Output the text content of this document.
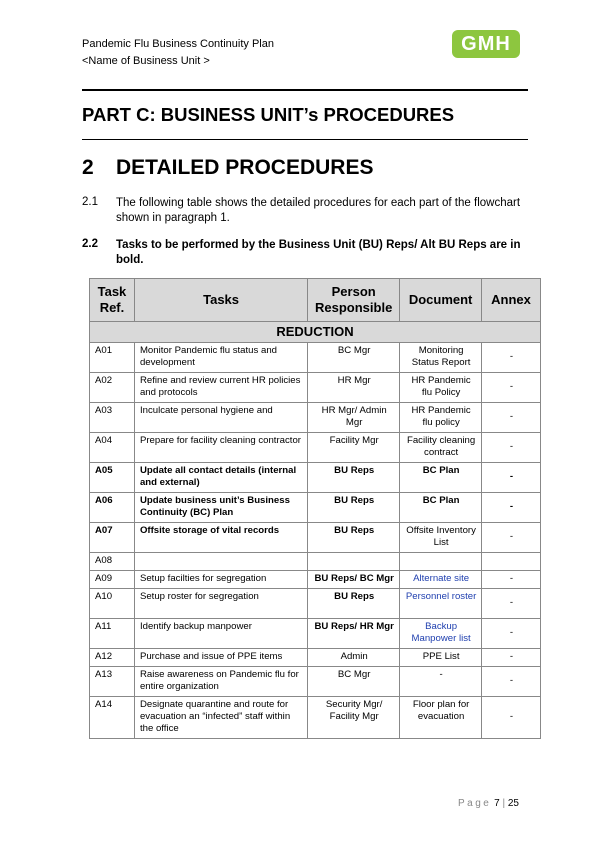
Pandemic Flu Business Continuity Plan
<Name of Business Unit >
GMH
PART C: BUSINESS UNIT’s PROCEDURES
2 DETAILED PROCEDURES
2.1 The following table shows the detailed procedures for each part of the flowchart shown in paragraph 1.
2.2 Tasks to be performed by the Business Unit (BU) Reps/ Alt BU Reps are in bold.
Task Ref.	Tasks	Person Responsible	Document	Annex
REDUCTION				
A01	Monitor Pandemic flu status and development	BC Mgr	Monitoring Status Report	-
A02	Refine and review current HR policies and protocols	HR Mgr	HR Pandemic flu Policy	-
A03	Inculcate personal hygiene and	HR Mgr/ Admin Mgr	HR Pandemic flu policy	-
A04	Prepare for facility cleaning contractor	Facility Mgr	Facility cleaning contract	-
A05	Update all contact details (internal and external)	BU Reps	BC Plan	-
A06	Update business unit’s Business Continuity (BC) Plan	BU Reps	BC Plan	-
A07	Offsite storage of vital records	BU Reps	Offsite Inventory List	-
A08				
A09	Setup facilties for segregation	BU Reps/ BC Mgr	Alternate site	-
A10	Setup roster for segregation	BU Reps	Personnel roster	-
A11	Identify backup manpower	BU Reps/ HR Mgr	Backup Manpower list	-
A12	Purchase and issue of PPE items	Admin	PPE List	-
A13	Raise awareness on Pandemic flu for entire organization	BC Mgr	-	-
A14	Designate quarantine and route for evacuation an “infected” staff within the office	Security Mgr/ Facility Mgr	Floor plan for evacuation	-
Page 7 | 25
